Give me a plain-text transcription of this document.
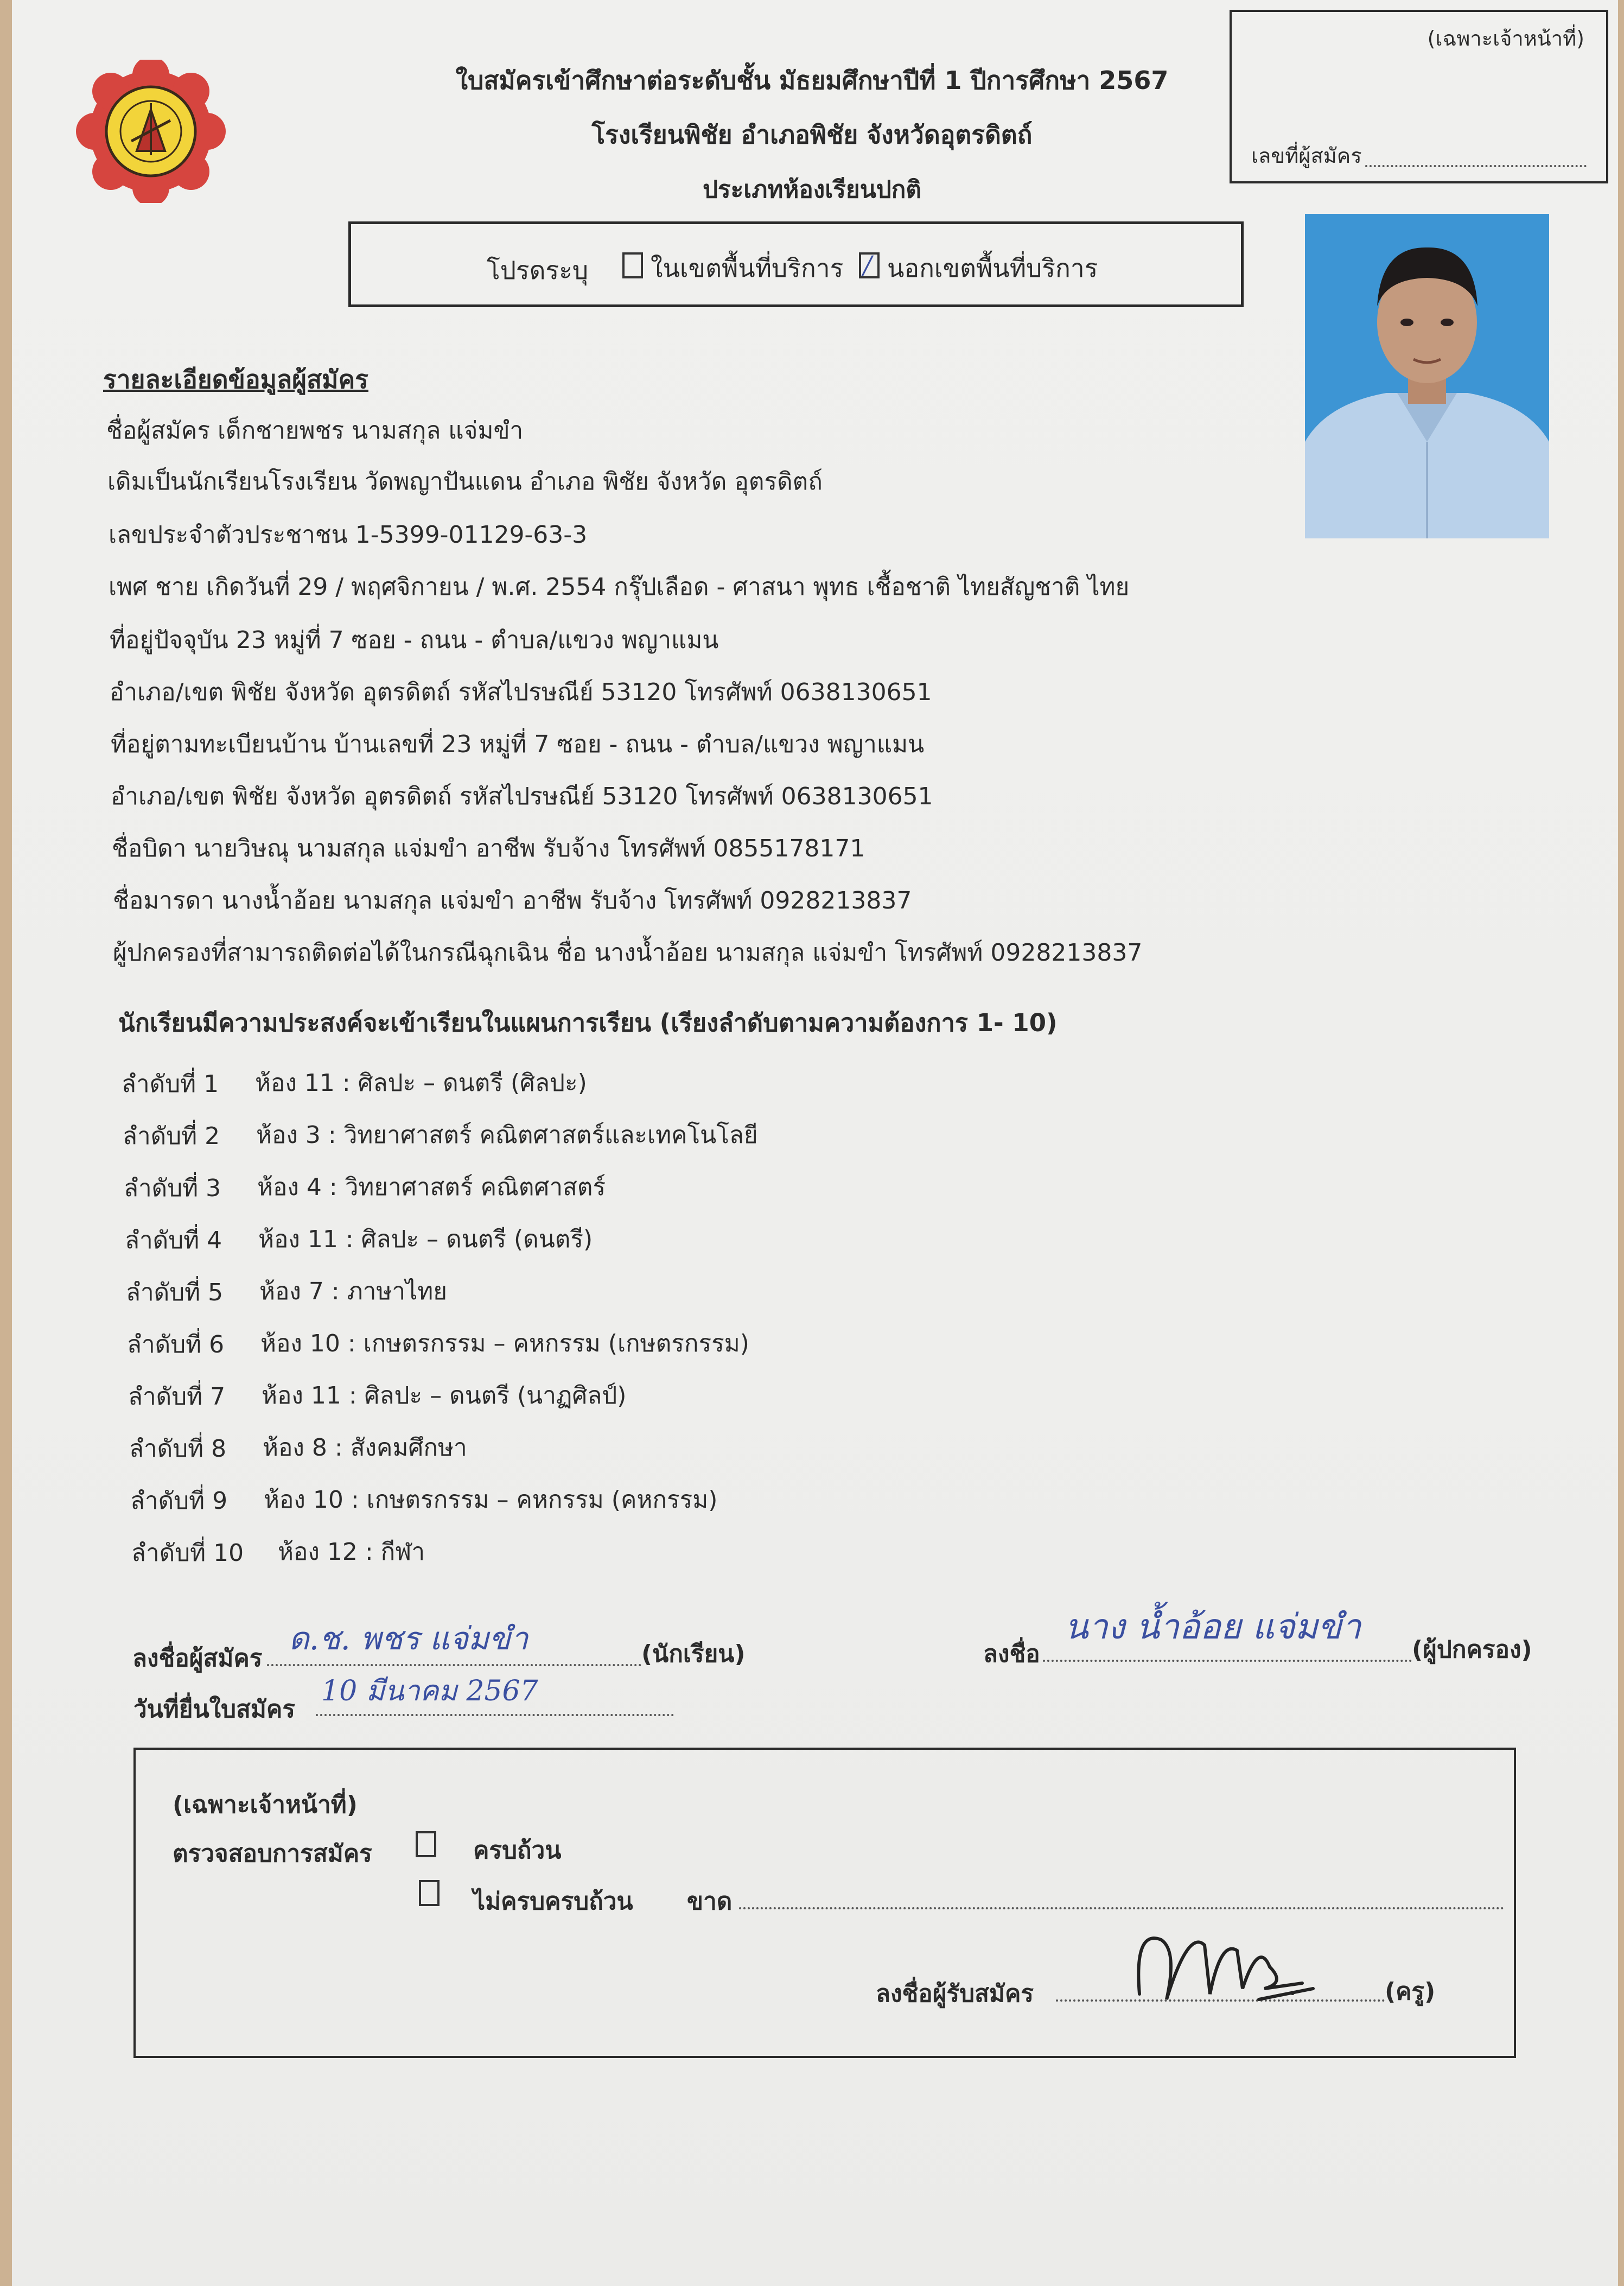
ใบสมัครเข้าศึกษาต่อระดับชั้น มัธยมศึกษาปีที่ 1 ปีการศึกษา 2567
โรงเรียนพิชัย อำเภอพิชัย จังหวัดอุตรดิตถ์
ประเภทห้องเรียนปกติ
(เฉพาะเจ้าหน้าที่)
เลขที่ผู้สมัคร
โปรดระบุ ในเขตพื้นที่บริการ / นอกเขตพื้นที่บริการ
รายละเอียดข้อมูลผู้สมัคร
ชื่อผู้สมัคร เด็กชายพชร นามสกุล แจ่มขำ
เดิมเป็นนักเรียนโรงเรียน วัดพญาปันแดน อำเภอ พิชัย จังหวัด อุตรดิตถ์
เลขประจำตัวประชาชน 1-5399-01129-63-3
เพศ ชาย เกิดวันที่ 29 / พฤศจิกายน / พ.ศ. 2554 กรุ๊ปเลือด - ศาสนา พุทธ เชื้อชาติ ไทยสัญชาติ ไทย
ที่อยู่ปัจจุบัน 23 หมู่ที่ 7 ซอย - ถนน - ตำบล/แขวง พญาแมน
อำเภอ/เขต พิชัย จังหวัด อุตรดิตถ์ รหัสไปรษณีย์ 53120 โทรศัพท์ 0638130651
ที่อยู่ตามทะเบียนบ้าน บ้านเลขที่ 23 หมู่ที่ 7 ซอย - ถนน - ตำบล/แขวง พญาแมน
อำเภอ/เขต พิชัย จังหวัด อุตรดิตถ์ รหัสไปรษณีย์ 53120 โทรศัพท์ 0638130651
ชื่อบิดา นายวิษณุ นามสกุล แจ่มขำ อาชีพ รับจ้าง โทรศัพท์ 0855178171
ชื่อมารดา นางน้ำอ้อย นามสกุล แจ่มขำ อาชีพ รับจ้าง โทรศัพท์ 0928213837
ผู้ปกครองที่สามารถติดต่อได้ในกรณีฉุกเฉิน ชื่อ นางน้ำอ้อย นามสกุล แจ่มขำ โทรศัพท์ 0928213837
นักเรียนมีความประสงค์จะเข้าเรียนในแผนการเรียน (เรียงลำดับตามความต้องการ 1- 10)
ลำดับที่ 1 ห้อง 11 : ศิลปะ – ดนตรี (ศิลปะ)
ลำดับที่ 2 ห้อง 3 : วิทยาศาสตร์ คณิตศาสตร์และเทคโนโลยี
ลำดับที่ 3 ห้อง 4 : วิทยาศาสตร์ คณิตศาสตร์
ลำดับที่ 4 ห้อง 11 : ศิลปะ – ดนตรี (ดนตรี)
ลำดับที่ 5 ห้อง 7 : ภาษาไทย
ลำดับที่ 6 ห้อง 10 : เกษตรกรรม – คหกรรม (เกษตรกรรม)
ลำดับที่ 7 ห้อง 11 : ศิลปะ – ดนตรี (นาฏศิลป์)
ลำดับที่ 8 ห้อง 8 : สังคมศึกษา
ลำดับที่ 9 ห้อง 10 : เกษตรกรรม – คหกรรม (คหกรรม)
ลำดับที่ 10 ห้อง 12 : กีฬา
ลงชื่อผู้สมัคร
ด.ช. พชร แจ่มขำ	(นักเรียน)
วันที่ยื่นใบสมัคร
10 มีนาคม 2567
ลงชื่อ
นาง น้ำอ้อย แจ่มขำ
(ผู้ปกครอง)
(เฉพาะเจ้าหน้าที่)
ตรวจสอบการสมัคร	ครบถ้วน
ไม่ครบครบถ้วน ขาด
ลงชื่อผู้รับสมัคร	(ครู)
